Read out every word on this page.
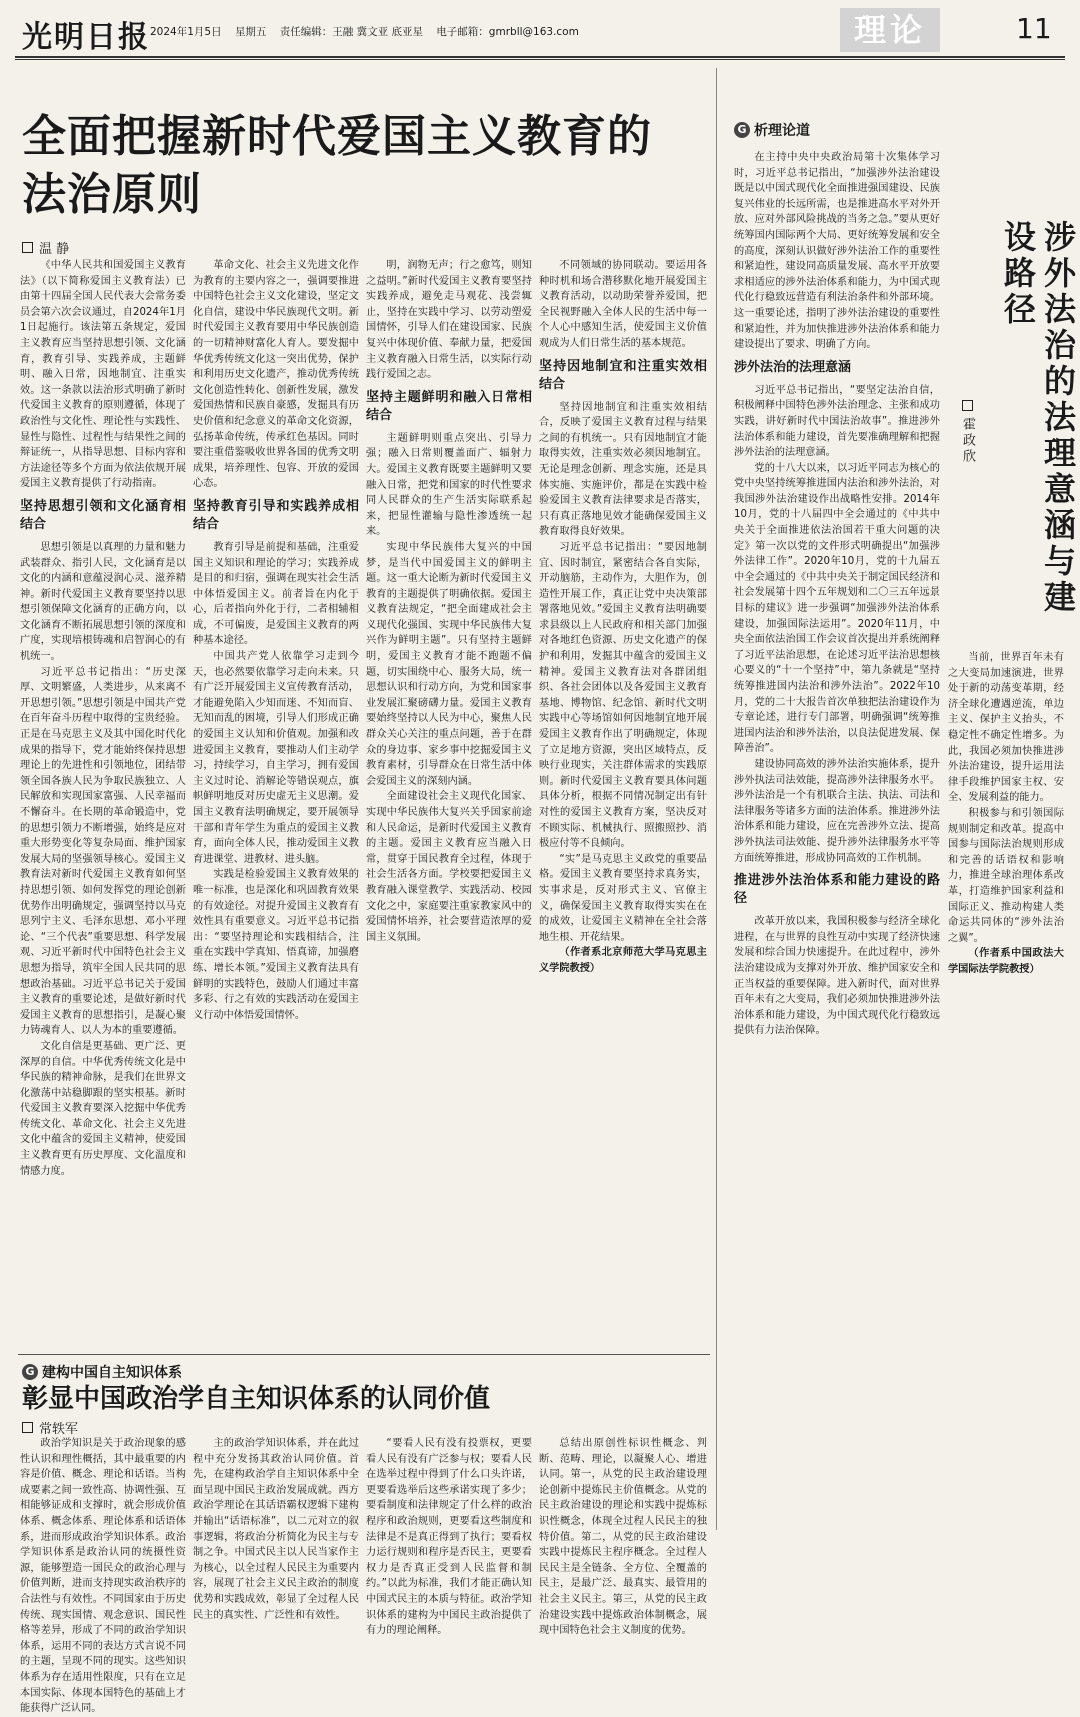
光明日报 2024年1月5日 星期五 责任编辑：王融 冀文亚 底亚星 电子邮箱：gmrbll@163.com	理论	11
全面把握新时代爱国主义教育的
法治原则
温 静

《中华人民共和国爱国主义教育法》（以下简称爱国主义教育法）已由第十四届全国人民代表大会常务委员会第六次会议通过，自2024年1月1日起施行。该法第五条规定，爱国主义教育应当坚持思想引领、文化涵育，教育引导、实践养成，主题鲜明、融入日常，因地制宜、注重实效。这一条款以法治形式明确了新时代爱国主义教育的原则遵循，体现了政治性与文化性、理论性与实践性、显性与隐性、过程性与结果性之间的辩证统一，从指导思想、目标内容和方法途径等多个方面为依法依规开展爱国主义教育提供了行动指南。

坚持思想引领和文化涵育相结合

思想引领是以真理的力量和魅力武装群众、指引人民，文化涵育是以文化的内涵和意蕴浸润心灵、滋养精神。新时代爱国主义教育要坚持以思想引领保障文化涵育的正确方向，以文化涵育不断拓展思想引领的深度和广度，实现培根铸魂和启智润心的有机统一。

习近平总书记指出：“历史深厚、文明繁盛，人类进步，从来离不开思想引领。”思想引领是中国共产党在百年奋斗历程中取得的宝贵经验。正是在马克思主义及其中国化时代化成果的指导下，党才能始终保持思想理论上的先进性和引领地位，团结带领全国各族人民为争取民族独立、人民解放和实现国家富强、人民幸福而不懈奋斗。在长期的革命锻造中，党的思想引领力不断增强，始终是应对重大形势变化等复杂局面、维护国家发展大局的坚强领导核心。爱国主义教育法对新时代爱国主义教育如何坚持思想引领、如何发挥党的理论创新优势作出明确规定，强调坚持以马克思列宁主义、毛泽东思想、邓小平理论、“三个代表”重要思想、科学发展观、习近平新时代中国特色社会主义思想为指导，筑牢全国人民共同的思想政治基础。习近平总书记关于爱国主义教育的重要论述，是做好新时代爱国主义教育的思想指引，是凝心聚力铸魂育人、以人为本的重要遵循。

文化自信是更基础、更广泛、更深厚的自信。中华优秀传统文化是中华民族的精神命脉，是我们在世界文化激荡中站稳脚跟的坚实根基。新时代爱国主义教育要深入挖掘中华优秀传统文化、革命文化、社会主义先进文化中蕴含的爱国主义精神，使爱国主义教育更有历史厚度、文化温度和情感力度。

革命文化、社会主义先进文化作为教育的主要内容之一，强调要推进中国特色社会主义文化建设，坚定文化自信，建设中华民族现代文明。新时代爱国主义教育要用中华民族创造的一切精神财富化人育人。要发掘中华优秀传统文化这一突出优势，保护和利用历史文化遗产，推动优秀传统文化创造性转化、创新性发展，激发爱国热情和民族自豪感，发掘具有历史价值和纪念意义的革命文化资源，弘扬革命传统，传承红色基因。同时要注重借鉴吸收世界各国的优秀文明成果，培养理性、包容、开放的爱国心态。

坚持教育引导和实践养成相结合

教育引导是前提和基础，注重爱国主义知识和理论的学习；实践养成是目的和归宿，强调在现实社会生活中体悟爱国主义。前者旨在内化于心，后者指向外化于行，二者相辅相成，不可偏废，是爱国主义教育的两种基本途径。

中国共产党人依靠学习走到今天，也必然要依靠学习走向未来。只有广泛开展爱国主义宣传教育活动，才能避免陷入少知而迷、不知而盲、无知而乱的困境，引导人们形成正确的爱国主义认知和价值观。加强和改进爱国主义教育，要推动人们主动学习，持续学习，自主学习，拥有爱国主义过时论、消解论等错误观点，旗帜鲜明地反对历史虚无主义思潮。爱国主义教育法明确规定，要开展领导干部和青年学生为重点的爱国主义教育，面向全体人民，推动爱国主义教育进课堂、进教材、进头脑。

实践是检验爱国主义教育效果的唯一标准，也是深化和巩固教育效果的有效途径。对提升爱国主义教育有效性具有重要意义。习近平总书记指出：“要坚持理论和实践相结合，注重在实践中学真知、悟真谛，加强磨练、增长本领。”爱国主义教育法具有鲜明的实践特色，鼓励人们通过丰富多彩、行之有效的实践活动在爱国主义行动中体悟爱国情怀。

明，润物无声；行之愈笃，则知之益明。”新时代爱国主义教育要坚持实践养成，避免走马观花、浅尝辄止，坚持在实践中学习、以劳动塑爱国情怀，引导人们在建设国家、民族复兴中体现价值、奉献力量，把爱国主义教育融入日常生活，以实际行动践行爱国之志。

坚持主题鲜明和融入日常相结合

主题鲜明则重点突出、引导力强；融入日常则覆盖面广、辐射力大。爱国主义教育既要主题鲜明又要融入日常，把党和国家的时代性要求同人民群众的生产生活实际联系起来，把显性灌输与隐性渗透统一起来。

实现中华民族伟大复兴的中国梦，是当代中国爱国主义的鲜明主题。这一重大论断为新时代爱国主义教育的主题提供了明确依据。爱国主义教育法规定，“把全面建成社会主义现代化强国、实现中华民族伟大复兴作为鲜明主题”。只有坚持主题鲜明，爱国主义教育才能不跑题不偏题，切实围绕中心、服务大局，统一思想认识和行动方向，为党和国家事业发展汇聚磅礴力量。爱国主义教育要始终坚持以人民为中心，聚焦人民群众关心关注的重点问题，善于在群众的身边事、家乡事中挖掘爱国主义教育素材，引导群众在日常生活中体会爱国主义的深刻内涵。

全面建设社会主义现代化国家、实现中华民族伟大复兴关乎国家前途和人民命运，是新时代爱国主义教育的主题。爱国主义教育应当融入日常，贯穿于国民教育全过程，体现于社会生活各方面。学校要把爱国主义教育融入课堂教学、实践活动、校园文化之中，家庭要注重家教家风中的爱国情怀培养，社会要营造浓厚的爱国主义氛围。

不同领域的协同联动。要运用各种时机和场合潜移默化地开展爱国主义教育活动，以动助荣誉养爱国，把全民视野融入全体人民的生活中每一个人心中感知生活，使爱国主义价值观成为人们日常生活的基本规范。

坚持因地制宜和注重实效相结合

坚持因地制宜和注重实效相结合，反映了爱国主义教育过程与结果之间的有机统一。只有因地制宜才能取得实效，注重实效必须因地制宜。无论是理念创新、理念实施，还是具体实施、实施评价，都是在实践中检验爱国主义教育法律要求是否落实，只有真正落地见效才能确保爱国主义教育取得良好效果。

习近平总书记指出：“要因地制宜、因时制宜，紧密结合各自实际，开动脑筋，主动作为，大胆作为，创造性开展工作，真正让党中央决策部署落地见效。”爱国主义教育法明确要求县级以上人民政府和相关部门加强对各地红色资源、历史文化遗产的保护和利用，发掘其中蕴含的爱国主义精神。爱国主义教育法对各群团组织、各社会团体以及各爱国主义教育基地、博物馆、纪念馆、新时代文明实践中心等场馆如何因地制宜地开展爱国主义教育作出了明确规定，体现了立足地方资源，突出区域特点，反映行业现实，关注群体需求的实践原则。新时代爱国主义教育要具体问题具体分析，根据不同情况制定出有针对性的爱国主义教育方案，坚决反对不顾实际、机械执行、照搬照抄、消极应付等不良倾向。

“实”是马克思主义政党的重要品格。爱国主义教育要坚持求真务实，实事求是，反对形式主义、官僚主义，确保爱国主义教育取得实实在在的成效，让爱国主义精神在全社会落地生根、开花结果。

（作者系北京师范大学马克思主义学院教授）

G 建构中国自主知识体系
彰显中国政治学自主知识体系的认同价值
常轶军

政治学知识是关于政治现象的感性认识和理性概括，其中最重要的内容是价值、概念、理论和话语。当构成要素之间一致性高、协调性强、互相能够证成和支撑时，就会形成价值体系、概念体系、理论体系和话语体系，进而形成政治学知识体系。政治学知识体系是政治认同的统摄性资源，能够塑造一国民众的政治心理与价值判断，进而支持现实政治秩序的合法性与有效性。不同国家由于历史传统、现实国情、观念意识、国民性格等差异，形成了不同的政治学知识体系，运用不同的表达方式言说不同的主题，呈现不同的现实。这些知识体系为存在适用性限度，只有在立足本国实际、体现本国特色的基础上才能获得广泛认同。

主的政治学知识体系，并在此过程中充分发扬其政治认同价值。首先，在建构政治学自主知识体系中全面呈现中国民主政治发展成就。西方政治学理论在其话语霸权逻辑下建构并输出“话语标准”，以二元对立的叙事逻辑，将政治分析简化为民主与专制之争。中国式民主以人民当家作主为核心，以全过程人民民主为重要内容，展现了社会主义民主政治的制度优势和实践成效，彰显了全过程人民民主的真实性、广泛性和有效性。

“要看人民有没有投票权，更要看人民有没有广泛参与权；要看人民在选举过程中得到了什么口头许诺，更要看选举后这些承诺实现了多少；要看制度和法律规定了什么样的政治程序和政治规则，更要看这些制度和法律是不是真正得到了执行；要看权力运行规则和程序是否民主，更要看权力是否真正受到人民监督和制约。”以此为标准，我们才能正确认知中国式民主的本质与特征。政治学知识体系的建构为中国民主政治提供了有力的理论阐释。

总结出原创性标识性概念、判断、范畴、理论，以凝聚人心、增进认同。第一，从党的民主政治建设理论创新中提炼民主价值概念。从党的民主政治建设的理论和实践中提炼标识性概念，体现全过程人民民主的独特价值。第二，从党的民主政治建设实践中提炼民主程序概念。全过程人民民主是全链条、全方位、全覆盖的民主，是最广泛、最真实、最管用的社会主义民主。第三，从党的民主政治建设实践中提炼政治体制概念，展现中国特色社会主义制度的优势。

G 析理论道

在主持中央中央政治局第十次集体学习时，习近平总书记指出，“加强涉外法治建设既是以中国式现代化全面推进强国建设、民族复兴伟业的长远所需，也是推进高水平对外开放、应对外部风险挑战的当务之急。”要从更好统筹国内国际两个大局、更好统筹发展和安全的高度，深刻认识做好涉外法治工作的重要性和紧迫性，建设同高质量发展、高水平开放要求相适应的涉外法治体系和能力，为中国式现代化行稳致远营造有利法治条件和外部环境。这一重要论述，指明了涉外法治建设的重要性和紧迫性，并为加快推进涉外法治体系和能力建设提出了要求、明确了方向。

涉外法治的法理意涵

习近平总书记指出，“要坚定法治自信，积极阐释中国特色涉外法治理念、主张和成功实践，讲好新时代中国法治故事”。推进涉外法治体系和能力建设，首先要准确理解和把握涉外法治的法理意涵。

党的十八大以来，以习近平同志为核心的党中央坚持统筹推进国内法治和涉外法治，对我国涉外法治建设作出战略性安排。2014年10月，党的十八届四中全会通过的《中共中央关于全面推进依法治国若干重大问题的决定》第一次以党的文件形式明确提出“加强涉外法律工作”。2020年10月，党的十九届五中全会通过的《中共中央关于制定国民经济和社会发展第十四个五年规划和二〇三五年远景目标的建议》进一步强调“加强涉外法治体系建设，加强国际法运用”。2020年11月，中央全面依法治国工作会议首次提出并系统阐释了习近平法治思想，在论述习近平法治思想核心要义的“十一个坚持”中，第九条就是“坚持统筹推进国内法治和涉外法治”。2022年10月，党的二十大报告首次单独把法治建设作为专章论述，进行专门部署，明确强调“统筹推进国内法治和涉外法治，以良法促进发展、保障善治”。

建设协同高效的涉外法治实施体系，提升涉外执法司法效能，提高涉外法律服务水平。涉外法治是一个有机联合主法、执法、司法和法律服务等诸多方面的法治体系。推进涉外法治体系和能力建设，应在完善涉外立法、提高涉外执法司法效能、提升涉外法律服务水平等方面统筹推进，形成协同高效的工作机制。

推进涉外法治体系和能力建设的路径

改革开放以来，我国积极参与经济全球化进程，在与世界的良性互动中实现了经济快速发展和综合国力快速提升。在此过程中，涉外法治建设成为支撑对外开放、维护国家安全和正当权益的重要保障。进入新时代，面对世界百年未有之大变局，我们必须加快推进涉外法治体系和能力建设，为中国式现代化行稳致远提供有力法治保障。

涉外法治的法理意涵与建设路径
霍政欣

当前，世界百年未有之大变局加速演进，世界处于新的动荡变革期，经济全球化遭遇逆流，单边主义、保护主义抬头，不稳定性不确定性增多。为此，我国必须加快推进涉外法治建设，提升运用法律手段维护国家主权、安全、发展利益的能力。

积极参与和引领国际规则制定和改革。提高中国参与国际法治规则形成和完善的话语权和影响力，推进全球治理体系改革，打造维护国家利益和国际正义、推动构建人类命运共同体的“涉外法治之翼”。

（作者系中国政法大学国际法学院教授）
